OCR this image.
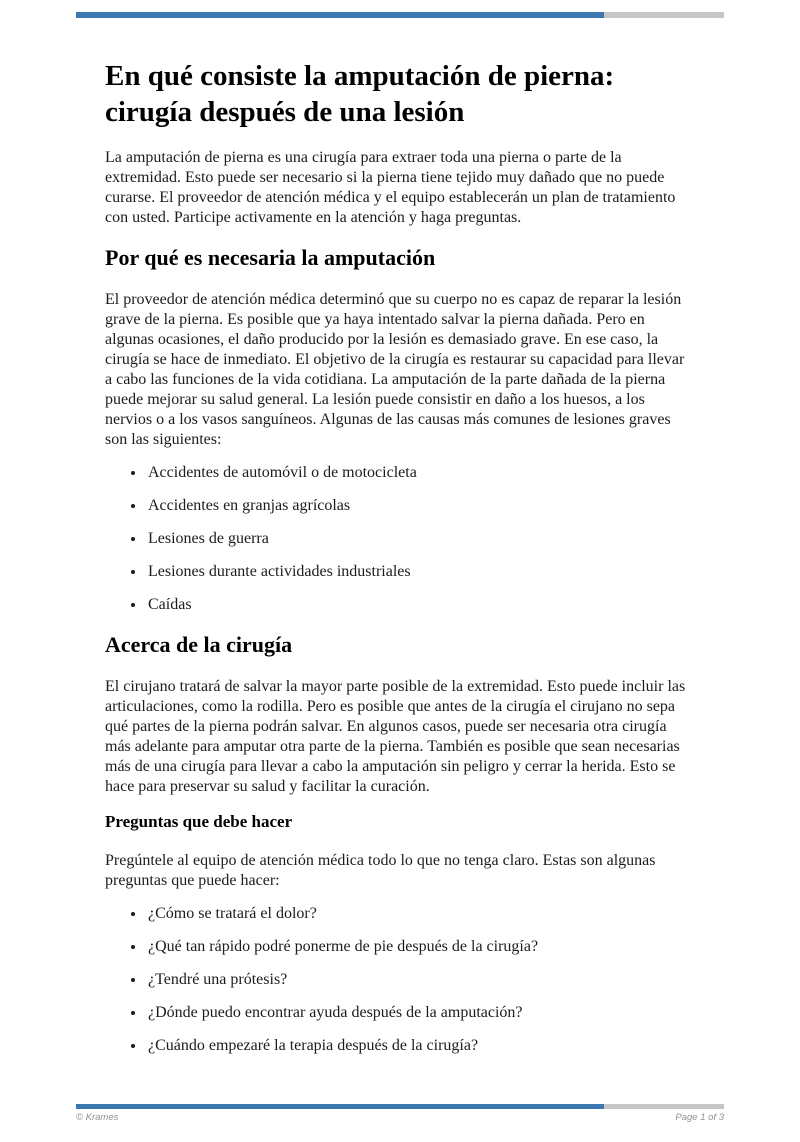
En qué consiste la amputación de pierna:
cirugía después de una lesión

La amputación de pierna es una cirugía para extraer toda una pierna o parte de la extremidad. Esto puede ser necesario si la pierna tiene tejido muy dañado que no puede curarse. El proveedor de atención médica y el equipo establecerán un plan de tratamiento con usted. Participe activamente en la atención y haga preguntas.

Por qué es necesaria la amputación

El proveedor de atención médica determinó que su cuerpo no es capaz de reparar la lesión grave de la pierna. Es posible que ya haya intentado salvar la pierna dañada. Pero en algunas ocasiones, el daño producido por la lesión es demasiado grave. En ese caso, la cirugía se hace de inmediato. El objetivo de la cirugía es restaurar su capacidad para llevar a cabo las funciones de la vida cotidiana. La amputación de la parte dañada de la pierna puede mejorar su salud general. La lesión puede consistir en daño a los huesos, a los nervios o a los vasos sanguíneos. Algunas de las causas más comunes de lesiones graves son las siguientes:

• Accidentes de automóvil o de motocicleta
• Accidentes en granjas agrícolas
• Lesiones de guerra
• Lesiones durante actividades industriales
• Caídas
Acerca de la cirugía

El cirujano tratará de salvar la mayor parte posible de la extremidad. Esto puede incluir las articulaciones, como la rodilla. Pero es posible que antes de la cirugía el cirujano no sepa qué partes de la pierna podrán salvar. En algunos casos, puede ser necesaria otra cirugía más adelante para amputar otra parte de la pierna. También es posible que sean necesarias más de una cirugía para llevar a cabo la amputación sin peligro y cerrar la herida. Esto se hace para preservar su salud y facilitar la curación.

Preguntas que debe hacer

Pregúntele al equipo de atención médica todo lo que no tenga claro. Estas son algunas preguntas que puede hacer:

• ¿Cómo se tratará el dolor?
• ¿Qué tan rápido podré ponerme de pie después de la cirugía?
• ¿Tendré una prótesis?
• ¿Dónde puedo encontrar ayuda después de la amputación?
• ¿Cuándo empezaré la terapia después de la cirugía?
© Krames	Page 1 of 3
